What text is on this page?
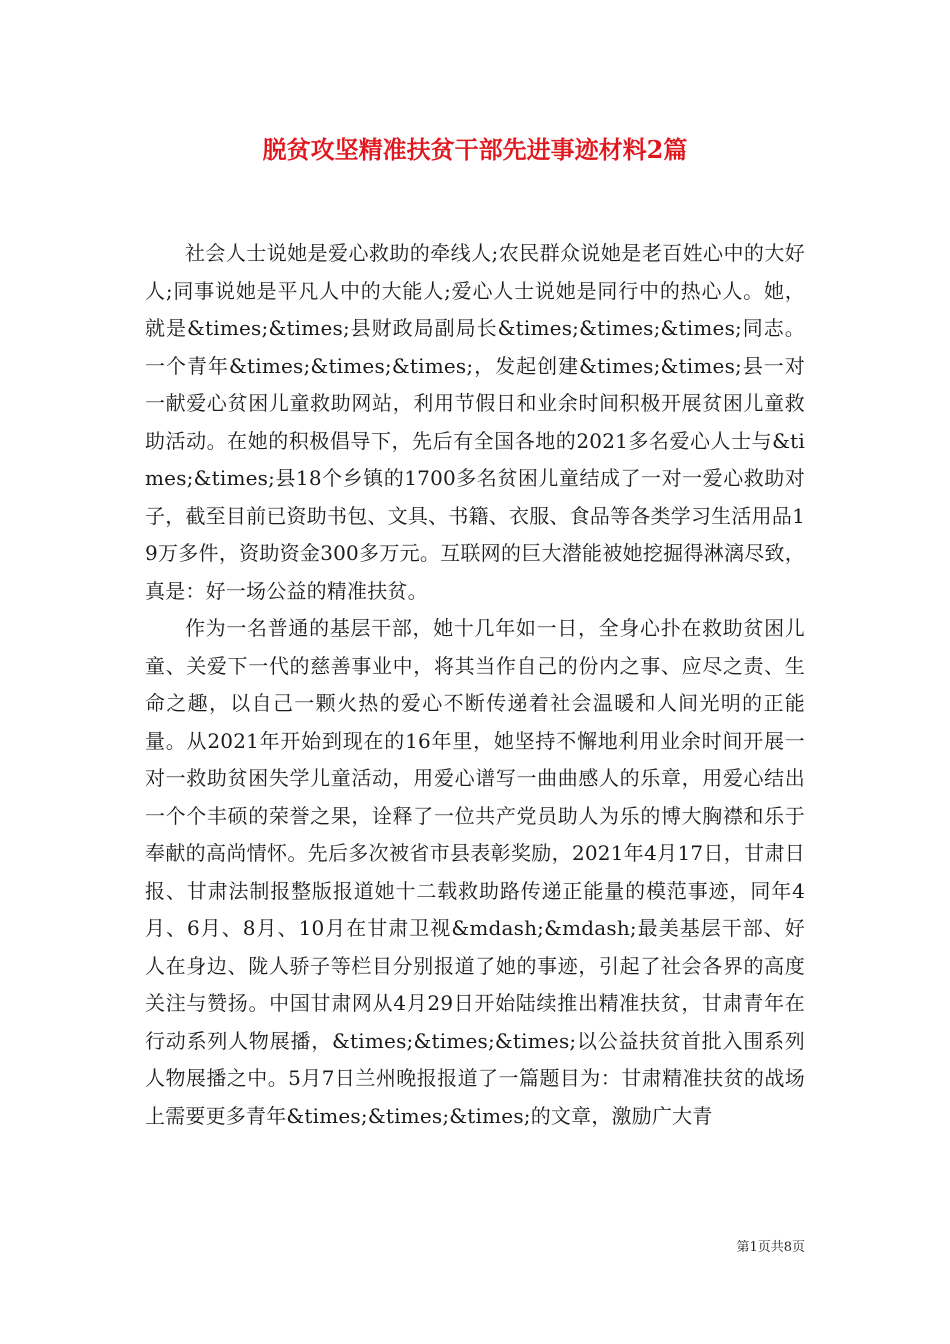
脱贫攻坚精准扶贫干部先进事迹材料2篇

社会人士说她是爱心救助的牵线人;农民群众说她是老百姓心中的大好人;同事说她是平凡人中的大能人;爱心人士说她是同行中的热心人。她，就是&times;&times;县财政局副局长&times;&times;&times;同志。一个青年&times;&times;&times;，发起创建&times;&times;县一对一献爱心贫困儿童救助网站，利用节假日和业余时间积极开展贫困儿童救助活动。在她的积极倡导下，先后有全国各地的2021多名爱心人士与&times;&times;县18个乡镇的1700多名贫困儿童结成了一对一爱心救助对子，截至目前已资助书包、文具、书籍、衣服、食品等各类学习生活用品19万多件，资助资金300多万元。互联网的巨大潜能被她挖掘得淋漓尽致，真是：好一场公益的精准扶贫。

作为一名普通的基层干部，她十几年如一日，全身心扑在救助贫困儿童、关爱下一代的慈善事业中，将其当作自己的份内之事、应尽之责、生命之趣，以自己一颗火热的爱心不断传递着社会温暖和人间光明的正能量。从2021年开始到现在的16年里，她坚持不懈地利用业余时间开展一对一救助贫困失学儿童活动，用爱心谱写一曲曲感人的乐章，用爱心结出一个个丰硕的荣誉之果，诠释了一位共产党员助人为乐的博大胸襟和乐于奉献的高尚情怀。先后多次被省市县表彰奖励，2021年4月17日，甘肃日报、甘肃法制报整版报道她十二载救助路传递正能量的模范事迹，同年4月、6月、8月、10月在甘肃卫视&mdash;&mdash;最美基层干部、好人在身边、陇人骄子等栏目分别报道了她的事迹，引起了社会各界的高度关注与赞扬。中国甘肃网从4月29日开始陆续推出精准扶贫，甘肃青年在行动系列人物展播，&times;&times;&times;以公益扶贫首批入围系列人物展播之中。5月7日兰州晚报报道了一篇题目为：甘肃精准扶贫的战场上需要更多青年&times;&times;&times;的文章，激励广大青

第1页共8页
